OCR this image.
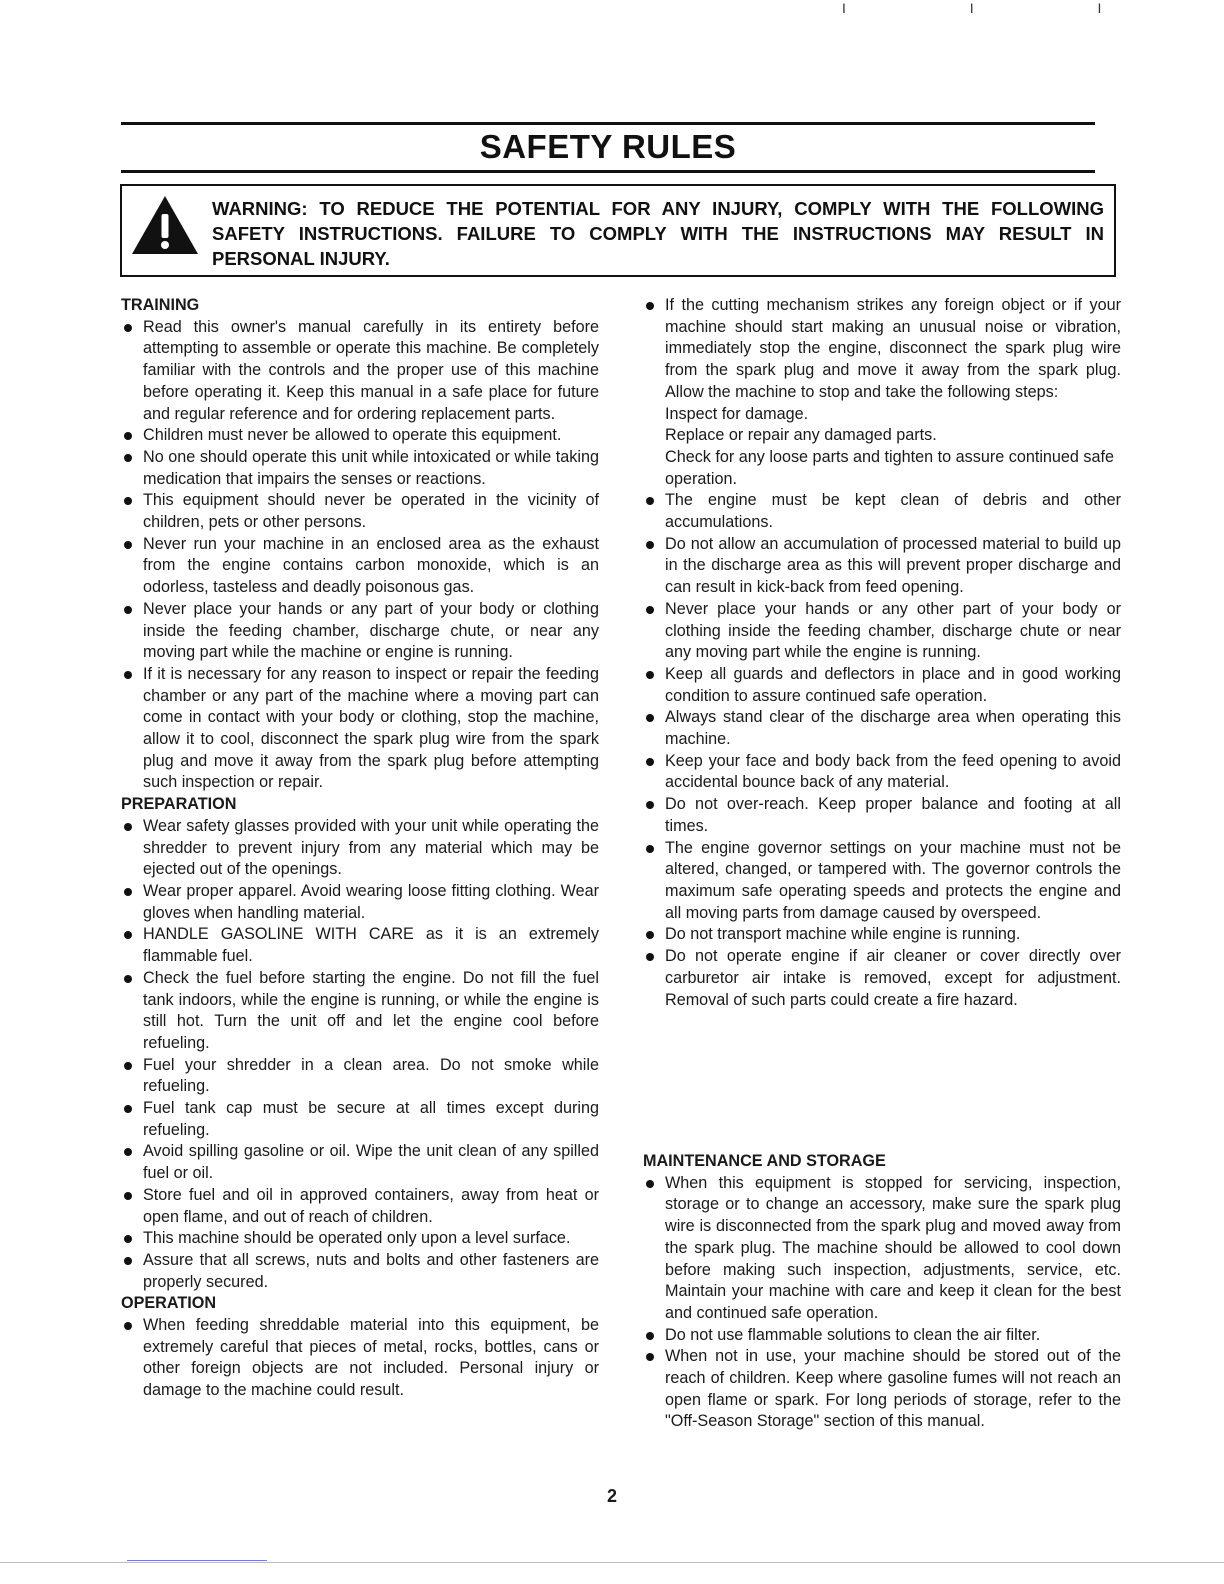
I I I
SAFETY RULES
WARNING: TO REDUCE THE POTENTIAL FOR ANY INJURY, COMPLY WITH THE FOLLOWING SAFETY INSTRUCTIONS. FAILURE TO COMPLY WITH THE INSTRUCTIONS MAY RESULT IN PERSONAL INJURY.
TRAINING
Read this owner's manual carefully in its entirety before attempting to assemble or operate this machine. Be completely familiar with the controls and the proper use of this machine before operating it. Keep this manual in a safe place for future and regular reference and for ordering replacement parts.
Children must never be allowed to operate this equipment.
No one should operate this unit while intoxicated or while taking medication that impairs the senses or reactions.
This equipment should never be operated in the vicinity of children, pets or other persons.
Never run your machine in an enclosed area as the exhaust from the engine contains carbon monoxide, which is an odorless, tasteless and deadly poisonous gas.
Never place your hands or any part of your body or clothing inside the feeding chamber, discharge chute, or near any moving part while the machine or engine is running.
If it is necessary for any reason to inspect or repair the feeding chamber or any part of the machine where a moving part can come in contact with your body or clothing, stop the machine, allow it to cool, disconnect the spark plug wire from the spark plug and move it away from the spark plug before attempting such inspection or repair.
PREPARATION
Wear safety glasses provided with your unit while operating the shredder to prevent injury from any material which may be ejected out of the openings.
Wear proper apparel. Avoid wearing loose fitting clothing. Wear gloves when handling material.
HANDLE GASOLINE WITH CARE as it is an extremely flammable fuel.
Check the fuel before starting the engine. Do not fill the fuel tank indoors, while the engine is running, or while the engine is still hot. Turn the unit off and let the engine cool before refueling.
Fuel your shredder in a clean area. Do not smoke while refueling.
Fuel tank cap must be secure at all times except during refueling.
Avoid spilling gasoline or oil. Wipe the unit clean of any spilled fuel or oil.
Store fuel and oil in approved containers, away from heat or open flame, and out of reach of children.
This machine should be operated only upon a level surface.
Assure that all screws, nuts and bolts and other fasteners are properly secured.
OPERATION
When feeding shreddable material into this equipment, be extremely careful that pieces of metal, rocks, bottles, cans or other foreign objects are not included. Personal injury or damage to the machine could result.
If the cutting mechanism strikes any foreign object or if your machine should start making an unusual noise or vibration, immediately stop the engine, disconnect the spark plug wire from the spark plug and move it away from the spark plug. Allow the machine to stop and take the following steps:
Inspect for damage.
Replace or repair any damaged parts.
Check for any loose parts and tighten to assure continued safe operation.
The engine must be kept clean of debris and other accumulations.
Do not allow an accumulation of processed material to build up in the discharge area as this will prevent proper discharge and can result in kick-back from feed opening.
Never place your hands or any other part of your body or clothing inside the feeding chamber, discharge chute or near any moving part while the engine is running.
Keep all guards and deflectors in place and in good working condition to assure continued safe operation.
Always stand clear of the discharge area when operating this machine.
Keep your face and body back from the feed opening to avoid accidental bounce back of any material.
Do not over-reach. Keep proper balance and footing at all times.
The engine governor settings on your machine must not be altered, changed, or tampered with. The governor controls the maximum safe operating speeds and protects the engine and all moving parts from damage caused by overspeed.
Do not transport machine while engine is running.
Do not operate engine if air cleaner or cover directly over carburetor air intake is removed, except for adjustment. Removal of such parts could create a fire hazard.
MAINTENANCE AND STORAGE
When this equipment is stopped for servicing, inspection, storage or to change an accessory, make sure the spark plug wire is disconnected from the spark plug and moved away from the spark plug. The machine should be allowed to cool down before making such inspection, adjustments, service, etc. Maintain your machine with care and keep it clean for the best and continued safe operation.
Do not use flammable solutions to clean the air filter.
When not in use, your machine should be stored out of the reach of children. Keep where gasoline fumes will not reach an open flame or spark. For long periods of storage, refer to the "Off-Season Storage" section of this manual.
2
